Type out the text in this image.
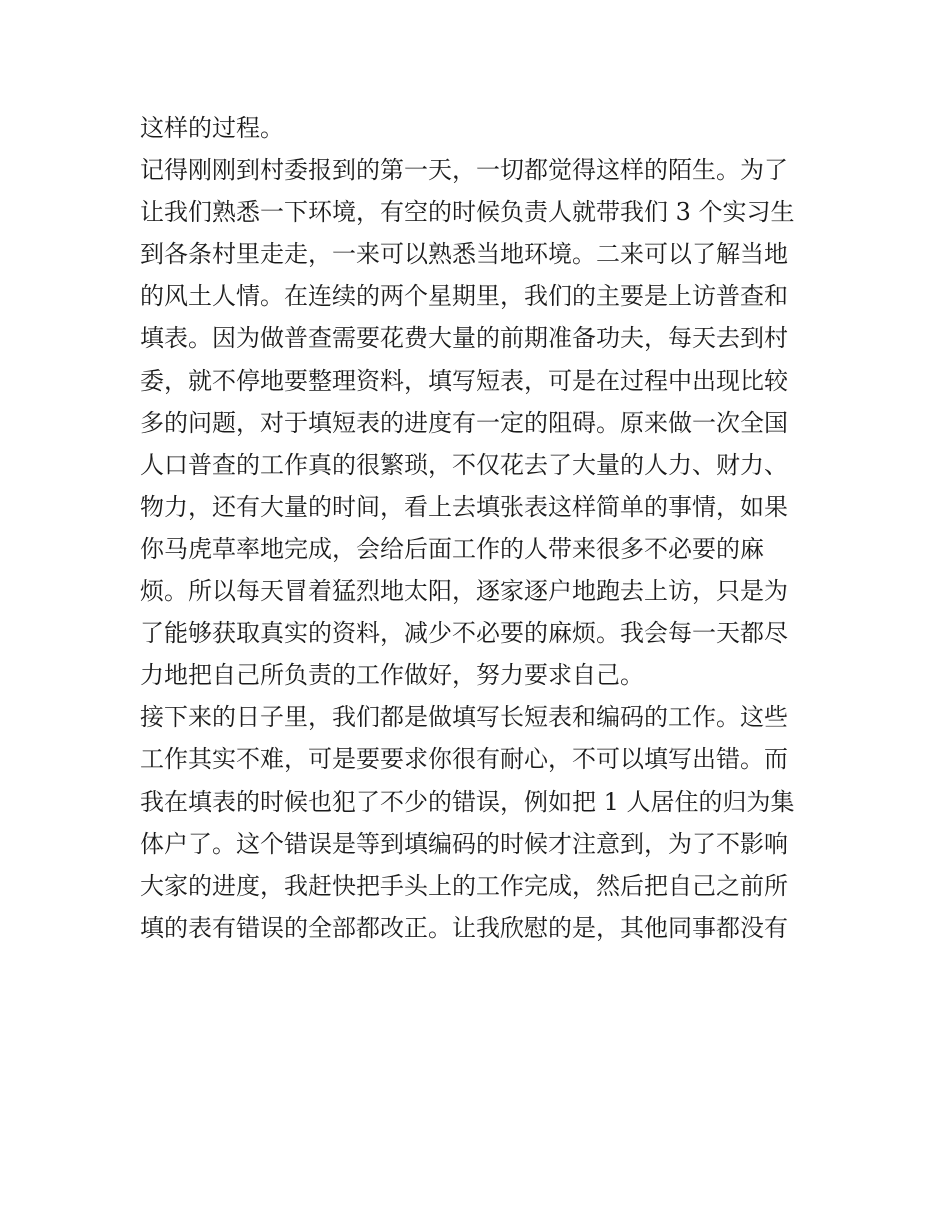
这样的过程。
记得刚刚到村委报到的第一天，一切都觉得这样的陌生。为了
让我们熟悉一下环境，有空的时候负责人就带我们 3 个实习生
到各条村里走走，一来可以熟悉当地环境。二来可以了解当地
的风土人情。在连续的两个星期里，我们的主要是上访普查和
填表。因为做普查需要花费大量的前期准备功夫，每天去到村
委，就不停地要整理资料，填写短表，可是在过程中出现比较
多的问题，对于填短表的进度有一定的阻碍。原来做一次全国
人口普查的工作真的很繁琐，不仅花去了大量的人力、财力、
物力，还有大量的时间，看上去填张表这样简单的事情，如果
你马虎草率地完成，会给后面工作的人带来很多不必要的麻
烦。所以每天冒着猛烈地太阳，逐家逐户地跑去上访，只是为
了能够获取真实的资料，减少不必要的麻烦。我会每一天都尽
力地把自己所负责的工作做好，努力要求自己。
接下来的日子里，我们都是做填写长短表和编码的工作。这些
工作其实不难，可是要要求你很有耐心，不可以填写出错。而
我在填表的时候也犯了不少的错误，例如把 1 人居住的归为集
体户了。这个错误是等到填编码的时候才注意到，为了不影响
大家的进度，我赶快把手头上的工作完成，然后把自己之前所
填的表有错误的全部都改正。让我欣慰的是，其他同事都没有
